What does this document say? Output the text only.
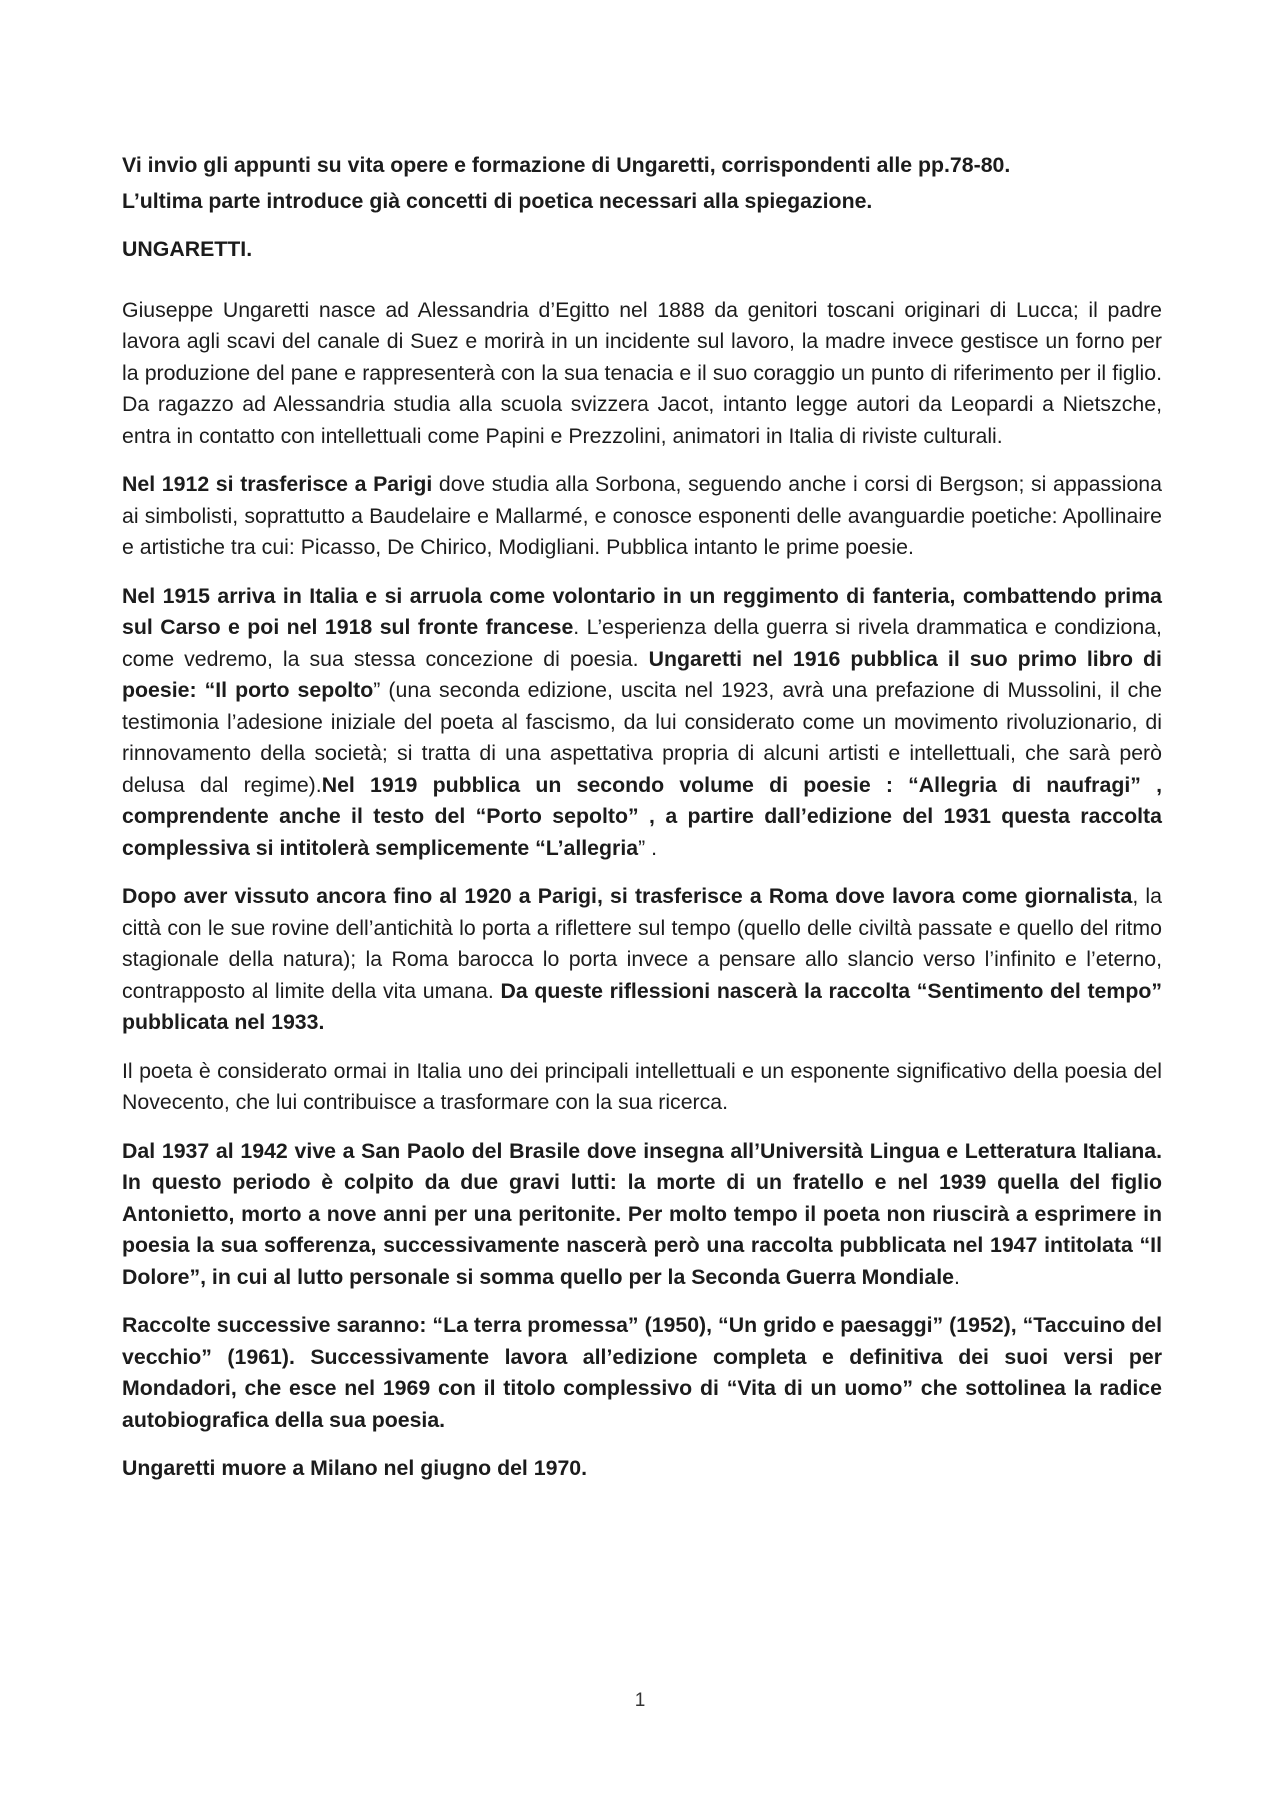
Vi invio gli appunti su vita opere e formazione di Ungaretti, corrispondenti alle pp.78-80.

L’ultima parte introduce già concetti di poetica necessari alla spiegazione.

UNGARETTI.

Giuseppe Ungaretti nasce ad Alessandria d’Egitto nel 1888 da genitori toscani originari di Lucca; il padre lavora agli scavi del canale di Suez e morirà in un incidente sul lavoro, la madre invece gestisce un forno per la produzione del pane e rappresenterà con la sua tenacia e il suo coraggio un punto di riferimento per il figlio. Da ragazzo ad Alessandria studia alla scuola svizzera Jacot, intanto legge autori da Leopardi a Nietszche, entra in contatto con intellettuali come Papini e Prezzolini, animatori in Italia di riviste culturali.

Nel 1912 si trasferisce a Parigi dove studia alla Sorbona, seguendo anche i corsi di Bergson; si appassiona ai simbolisti, soprattutto a Baudelaire e Mallarmé, e conosce esponenti delle avanguardie poetiche: Apollinaire e artistiche tra cui: Picasso, De Chirico, Modigliani. Pubblica intanto le prime poesie.

Nel 1915 arriva in Italia e si arruola come volontario in un reggimento di fanteria, combattendo prima sul Carso e poi nel 1918 sul fronte francese. L’esperienza della guerra si rivela drammatica e condiziona, come vedremo, la sua stessa concezione di poesia. Ungaretti nel 1916 pubblica il suo primo libro di poesie: “Il porto sepolto” (una seconda edizione, uscita nel 1923, avrà una prefazione di Mussolini, il che testimonia l’adesione iniziale del poeta al fascismo, da lui considerato come un movimento rivoluzionario, di rinnovamento della società; si tratta di una aspettativa propria di alcuni artisti e intellettuali, che sarà però delusa dal regime).Nel 1919 pubblica un secondo volume di poesie : “Allegria di naufragi” , comprendente anche il testo del “Porto sepolto” , a partire dall’edizione del 1931 questa raccolta complessiva si intitolerà semplicemente “L’allegria” .

Dopo aver vissuto ancora fino al 1920 a Parigi, si trasferisce a Roma dove lavora come giornalista, la città con le sue rovine dell’antichità lo porta a riflettere sul tempo (quello delle civiltà passate e quello del ritmo stagionale della natura); la Roma barocca lo porta invece a pensare allo slancio verso l’infinito e l’eterno, contrapposto al limite della vita umana. Da queste riflessioni nascerà la raccolta “Sentimento del tempo” pubblicata nel 1933.

Il poeta è considerato ormai in Italia uno dei principali intellettuali e un esponente significativo della poesia del Novecento, che lui contribuisce a trasformare con la sua ricerca.

Dal 1937 al 1942 vive a San Paolo del Brasile dove insegna all’Università Lingua e Letteratura Italiana. In questo periodo è colpito da due gravi lutti: la morte di un fratello e nel 1939 quella del figlio Antonietto, morto a nove anni per una peritonite. Per molto tempo il poeta non riuscirà a esprimere in poesia la sua sofferenza, successivamente nascerà però una raccolta pubblicata nel 1947 intitolata “Il Dolore”, in cui al lutto personale si somma quello per la Seconda Guerra Mondiale.

Raccolte successive saranno: “La terra promessa” (1950), “Un grido e paesaggi” (1952), “Taccuino del vecchio” (1961). Successivamente lavora all’edizione completa e definitiva dei suoi versi per Mondadori, che esce nel 1969 con il titolo complessivo di “Vita di un uomo” che sottolinea la radice autobiografica della sua poesia.

Ungaretti muore a Milano nel giugno del 1970.

1
